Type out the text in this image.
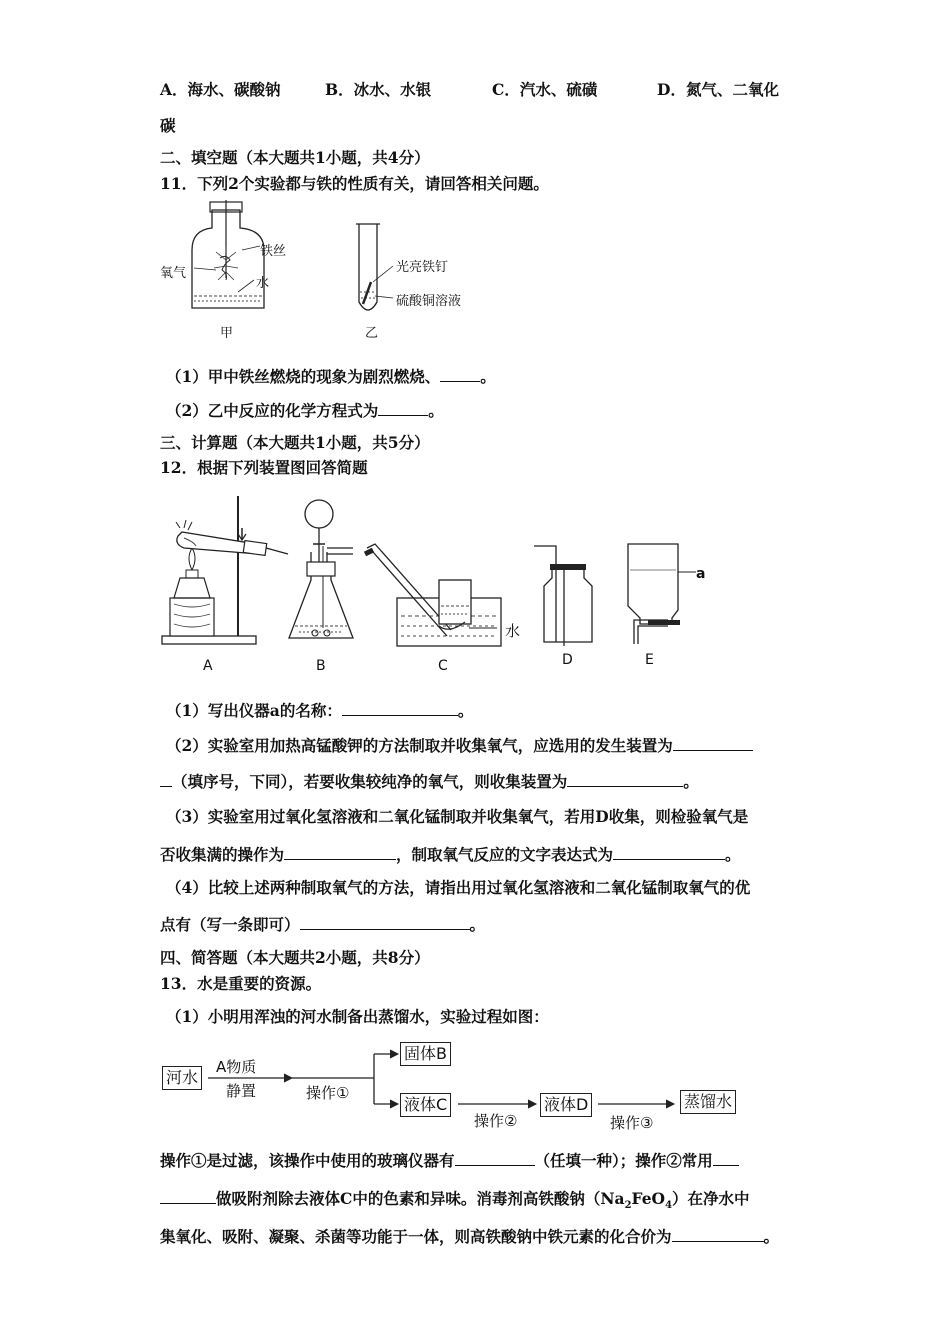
A．海水、碳酸钠	B．冰水、水银	C．汽水、硫磺	D．氮气、二氧化
碳
二、填空题（本大题共1小题，共4分）
11．下列2个实验都与铁的性质有关，请回答相关问题。
铁丝
氧气
水
甲
光亮铁钉
硫酸铜溶液
乙
（1）甲中铁丝燃烧的现象为剧烈燃烧、	。
（2）乙中反应的化学方程式为	。
三、计算题（本大题共1小题，共5分）
12．根据下列装置图回答简题
A	B
水
C	D
a
E
（1）写出仪器a的名称：	。
（2）实验室用加热高锰酸钾的方法制取并收集氧气，应选用的发生装置为
（填序号，下同），若要收集较纯净的氧气，则收集装置为	。
（3）实验室用过氧化氢溶液和二氧化锰制取并收集氧气，若用D收集，则检验氧气是
否收集满的操作为	，制取氧气反应的文字表达式为	。
（4）比较上述两种制取氧气的方法，请指出用过氧化氢溶液和二氧化锰制取氧气的优
点有（写一条即可）	。
四、简答题（本大题共2小题，共8分）
13．水是重要的资源。
（1）小明用浑浊的河水制备出蒸馏水，实验过程如图：
河水
A物质
静置	操作①
固体B
液体C
操作②
液体D
操作③
蒸馏水
操作①是过滤，该操作中使用的玻璃仪器有	（任填一种）；操作②常用
做吸附剂除去液体C中的色素和异味。消毒剂高铁酸钠$(Na_2FeO_4)$在净水中
集氧化、吸附、凝聚、杀菌等功能于一体，则高铁酸钠中铁元素的化合价为	。
